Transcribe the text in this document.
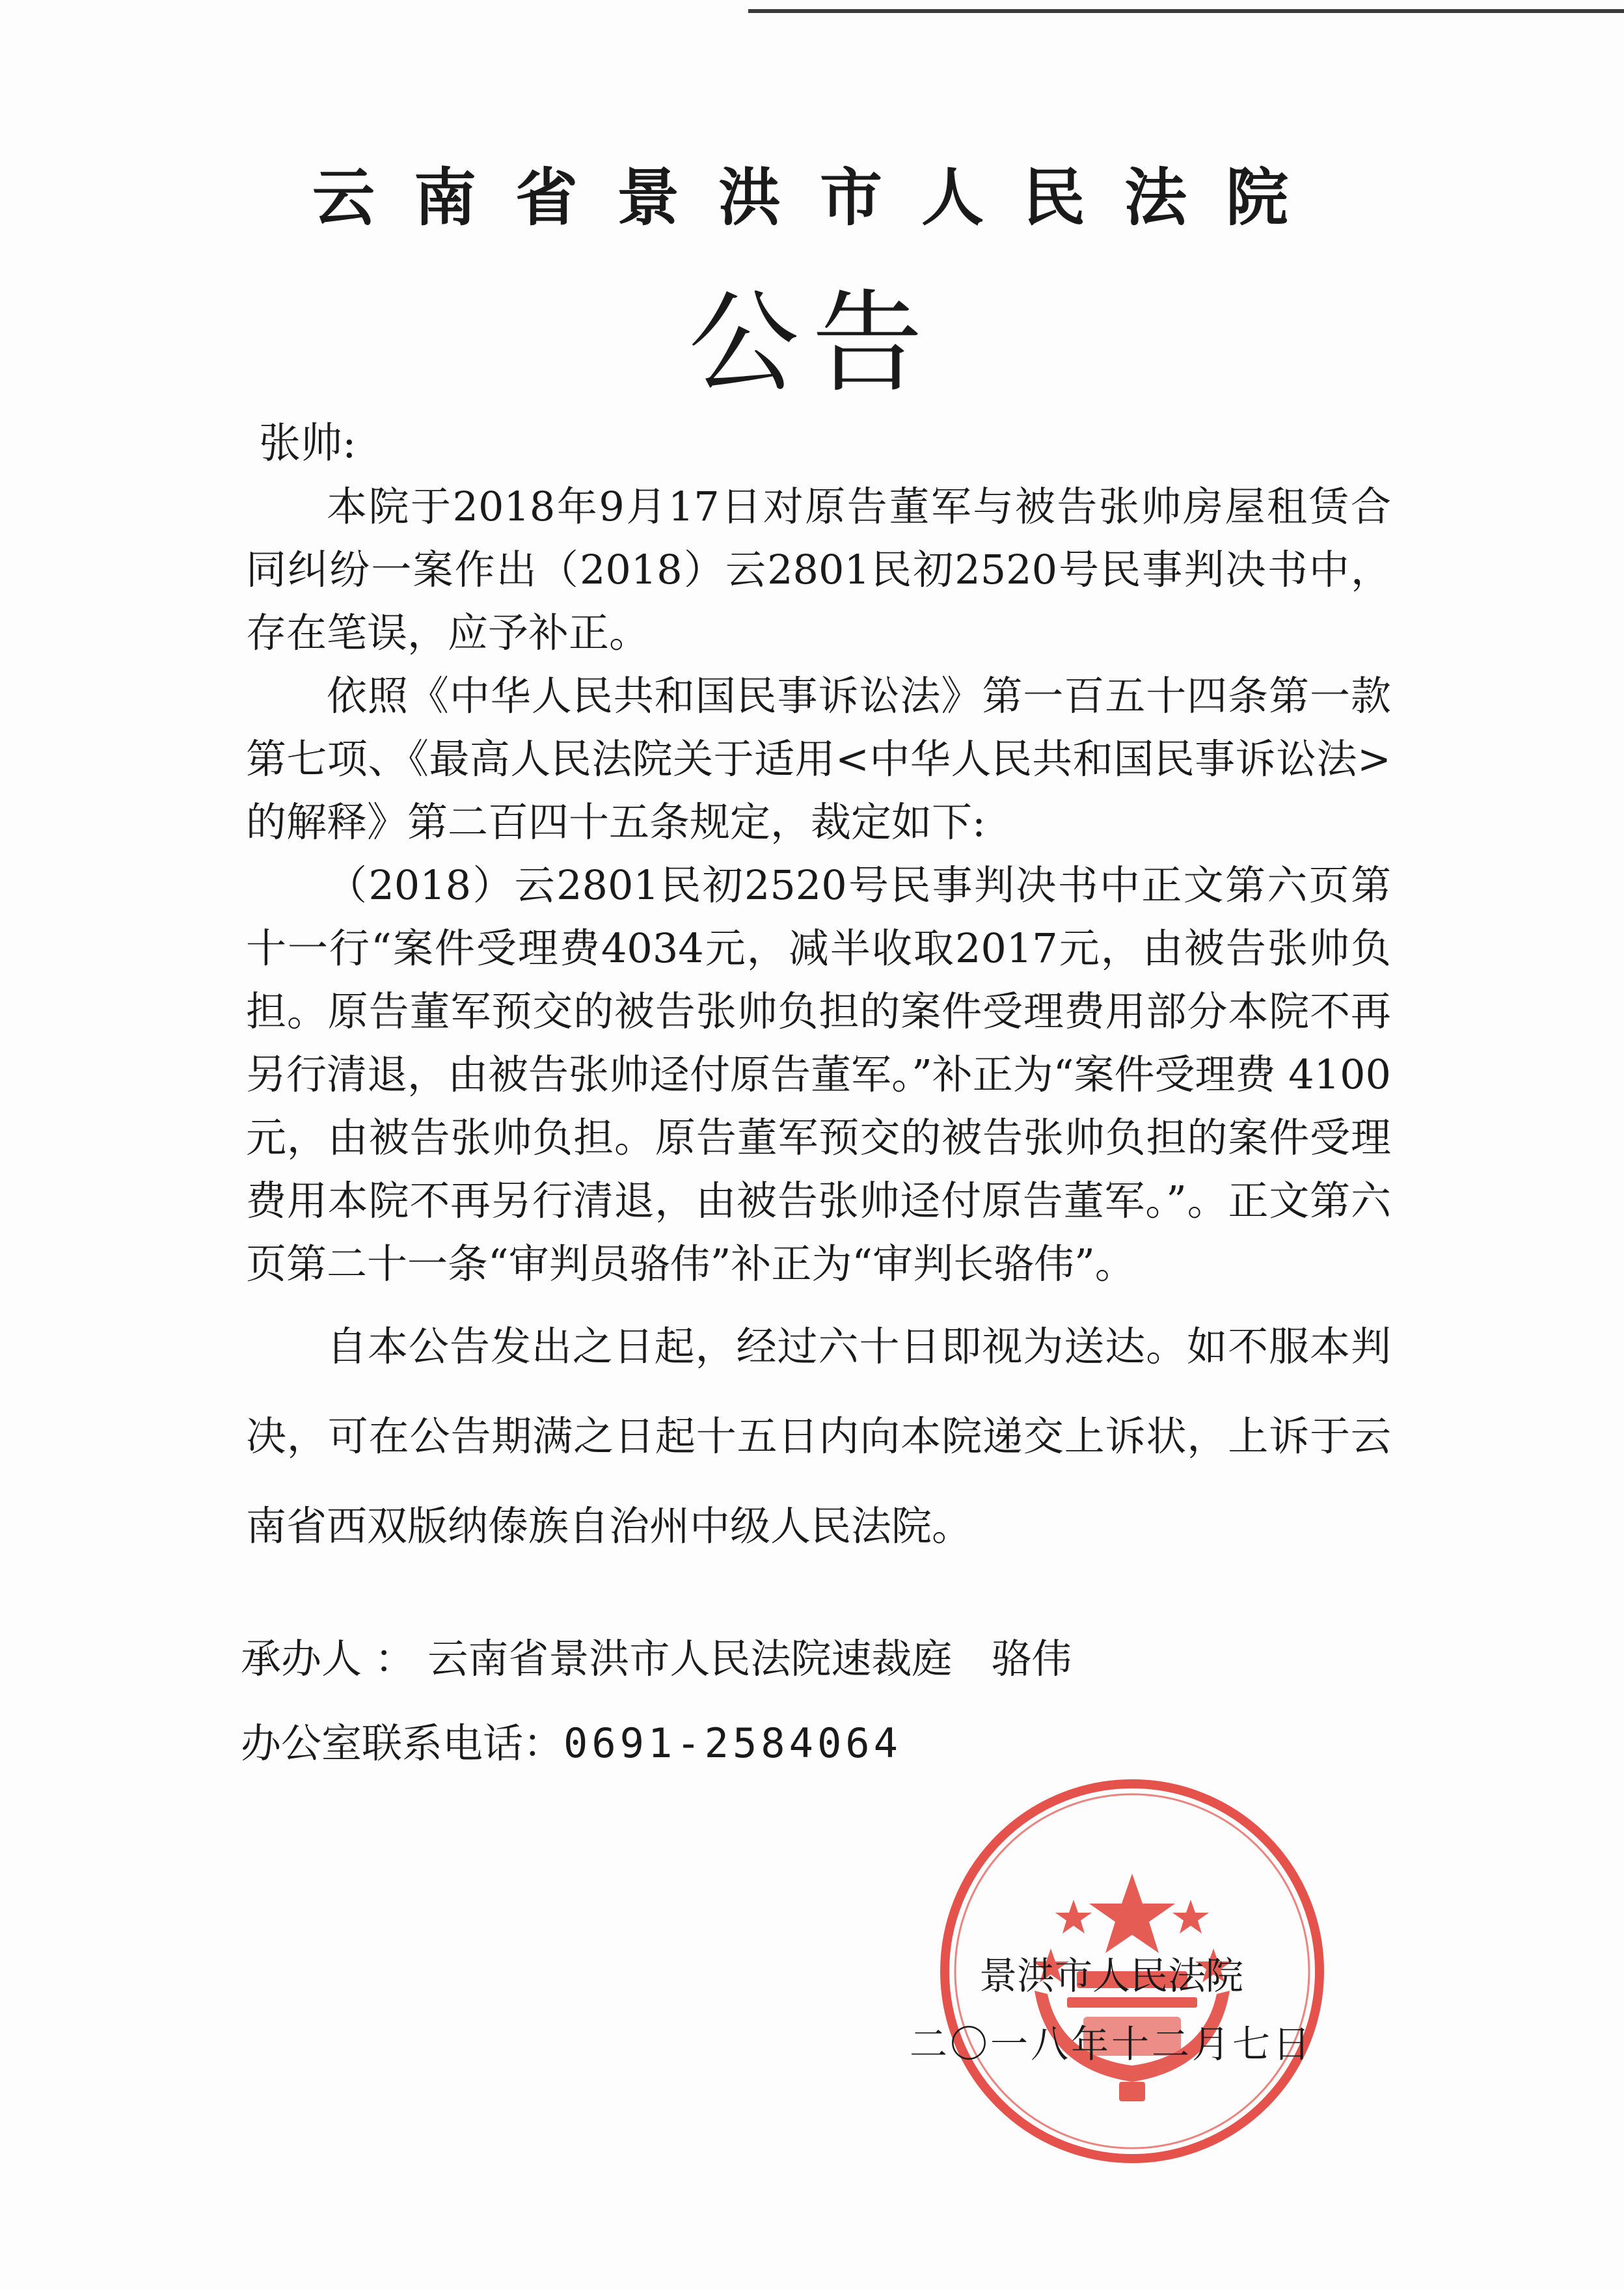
云南省景洪市人民法院
公告
张帅:

本院于2018年9月17日对原告董军与被告张帅房屋租赁合同纠纷一案作出（2018）云2801民初2520号民事判决书中，存在笔误，应予补正。

依照《中华人民共和国民事诉讼法》第一百五十四条第一款第七项、《最高人民法院关于适用<中华人民共和国民事诉讼法>的解释》第二百四十五条规定，裁定如下:

（2018）云2801民初2520号民事判决书中正文第六页第十一行“案件受理费4034元，减半收取2017元，由被告张帅负担。原告董军预交的被告张帅负担的案件受理费用部分本院不再另行清退，由被告张帅迳付原告董军。”补正为“案件受理费 4100 元，由被告张帅负担。原告董军预交的被告张帅负担的案件受理费用本院不再另行清退，由被告张帅迳付原告董军。”。正文第六页第二十一条“审判员骆伟”补正为“审判长骆伟”。

自本公告发出之日起，经过六十日即视为送达。如不服本判决，可在公告期满之日起十五日内向本院递交上诉状，上诉于云南省西双版纳傣族自治州中级人民法院。

承办人 ： 云南省景洪市人民法院速裁庭 骆伟
办公室联系电话：0691-2584064
景洪市人民法院
二〇一八年十二月七日
